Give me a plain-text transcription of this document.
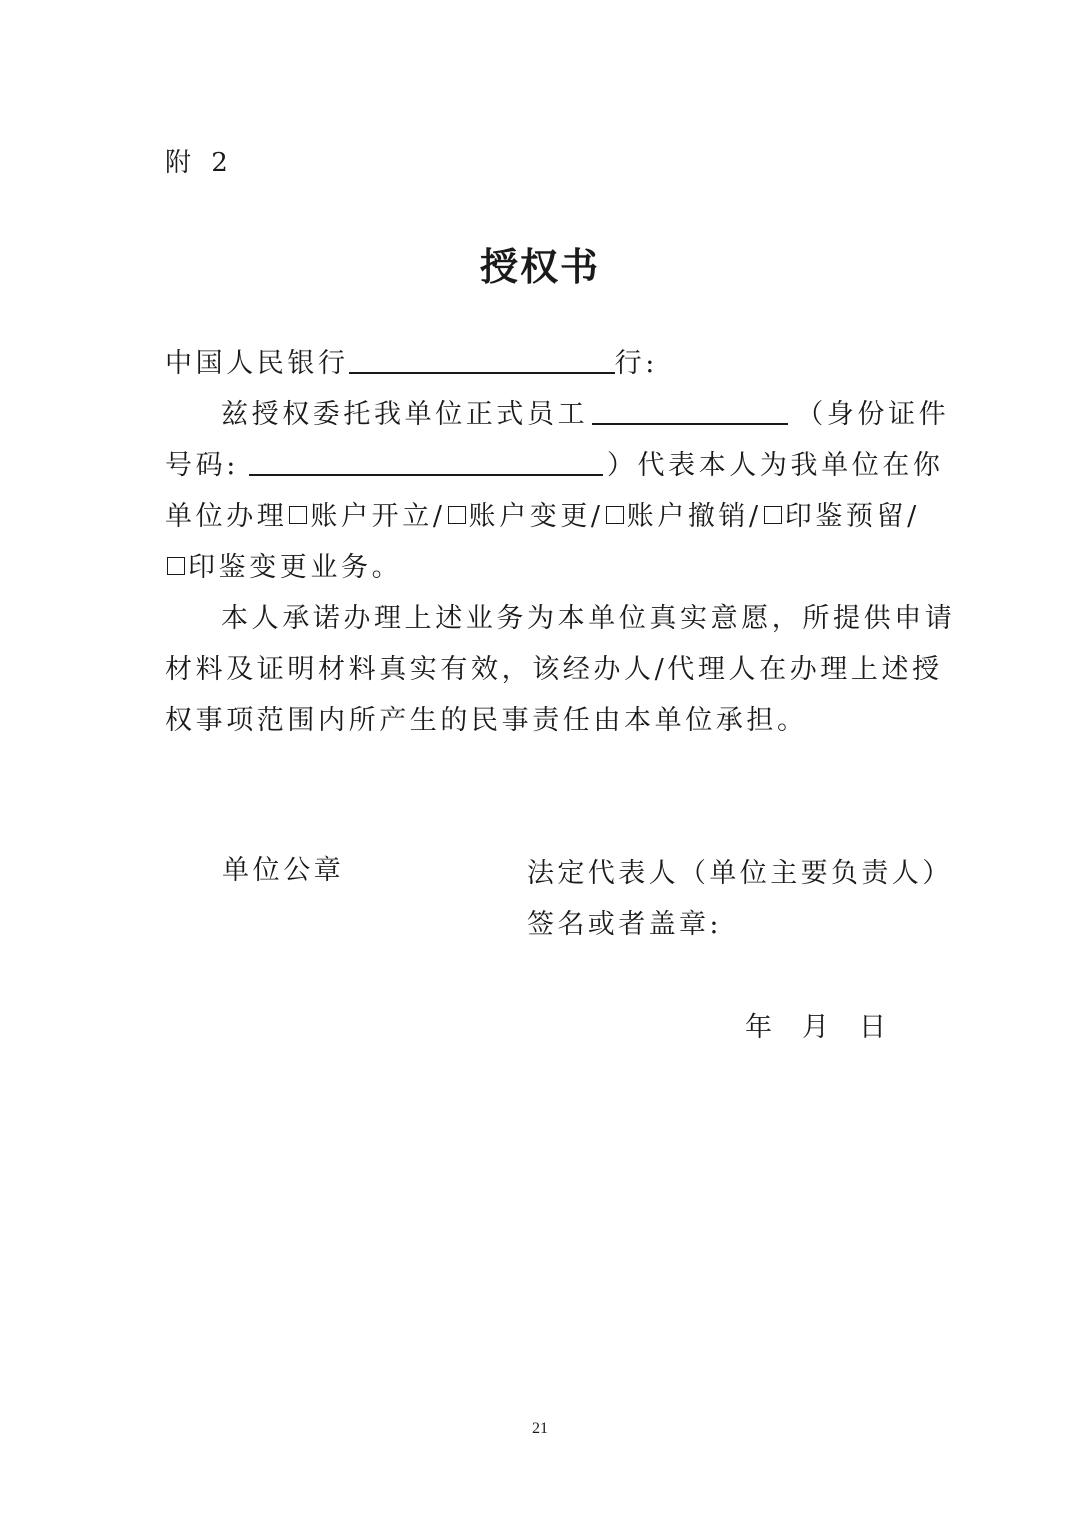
附 2
授权书
中国人民银行	行:
兹授权委托我单位正式员工	（身份证件
号码:	）代表本人为我单位在你
单位办理 账户开立/ 账户变更/ 账户撤销/ 印鉴预留/
印鉴变更业务。
本人承诺办理上述业务为本单位真实意愿，所提供申请
材料及证明材料真实有效，该经办人/代理人在办理上述授
权事项范围内所产生的民事责任由本单位承担。
单位公章	法定代表人（单位主要负责人）
签名或者盖章:
年 月 日
21
